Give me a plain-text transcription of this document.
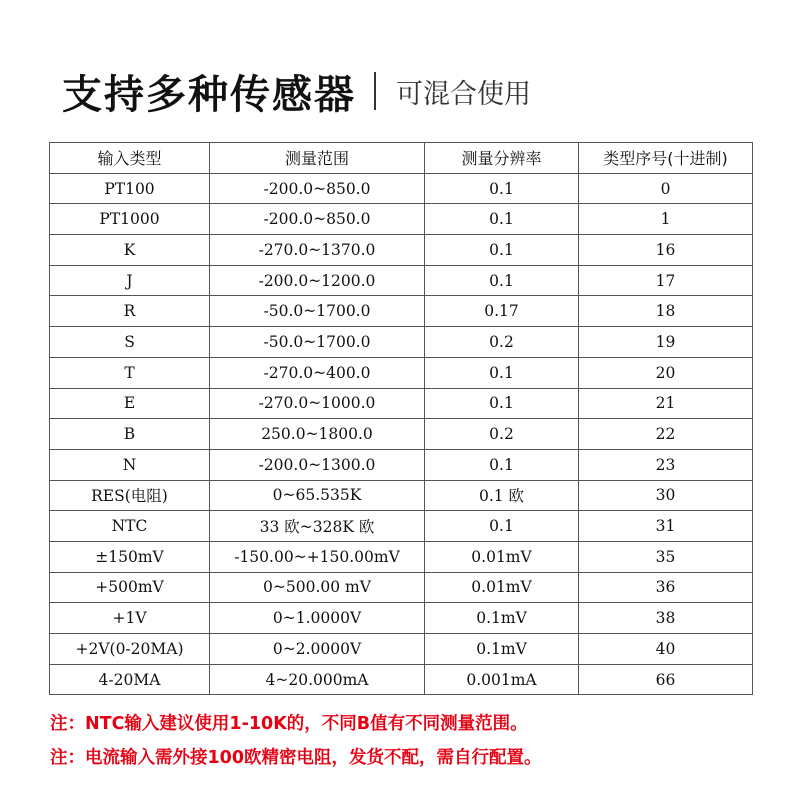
支持多种传感器 可混合使用
输入类型	测量范围	测量分辨率	类型序号(十进制)
PT100	-200.0~850.0	0.1	0
PT1000	-200.0~850.0	0.1	1
K	-270.0~1370.0	0.1	16
J	-200.0~1200.0	0.1	17
R	-50.0~1700.0	0.17	18
S	-50.0~1700.0	0.2	19
T	-270.0~400.0	0.1	20
E	-270.0~1000.0	0.1	21
B	250.0~1800.0	0.2	22
N	-200.0~1300.0	0.1	23
RES(电阻)	0~65.535K	0.1 欧	30
NTC	33 欧~328K 欧	0.1	31
±150mV	-150.00~+150.00mV	0.01mV	35
+500mV	0~500.00 mV	0.01mV	36
+1V	0~1.0000V	0.1mV	38
+2V(0-20MA)	0~2.0000V	0.1mV	40
4-20MA	4~20.000mA	0.001mA	66
注：NTC输入建议使用1-10K的，不同B值有不同测量范围。
注：电流输入需外接100欧精密电阻，发货不配，需自行配置。
